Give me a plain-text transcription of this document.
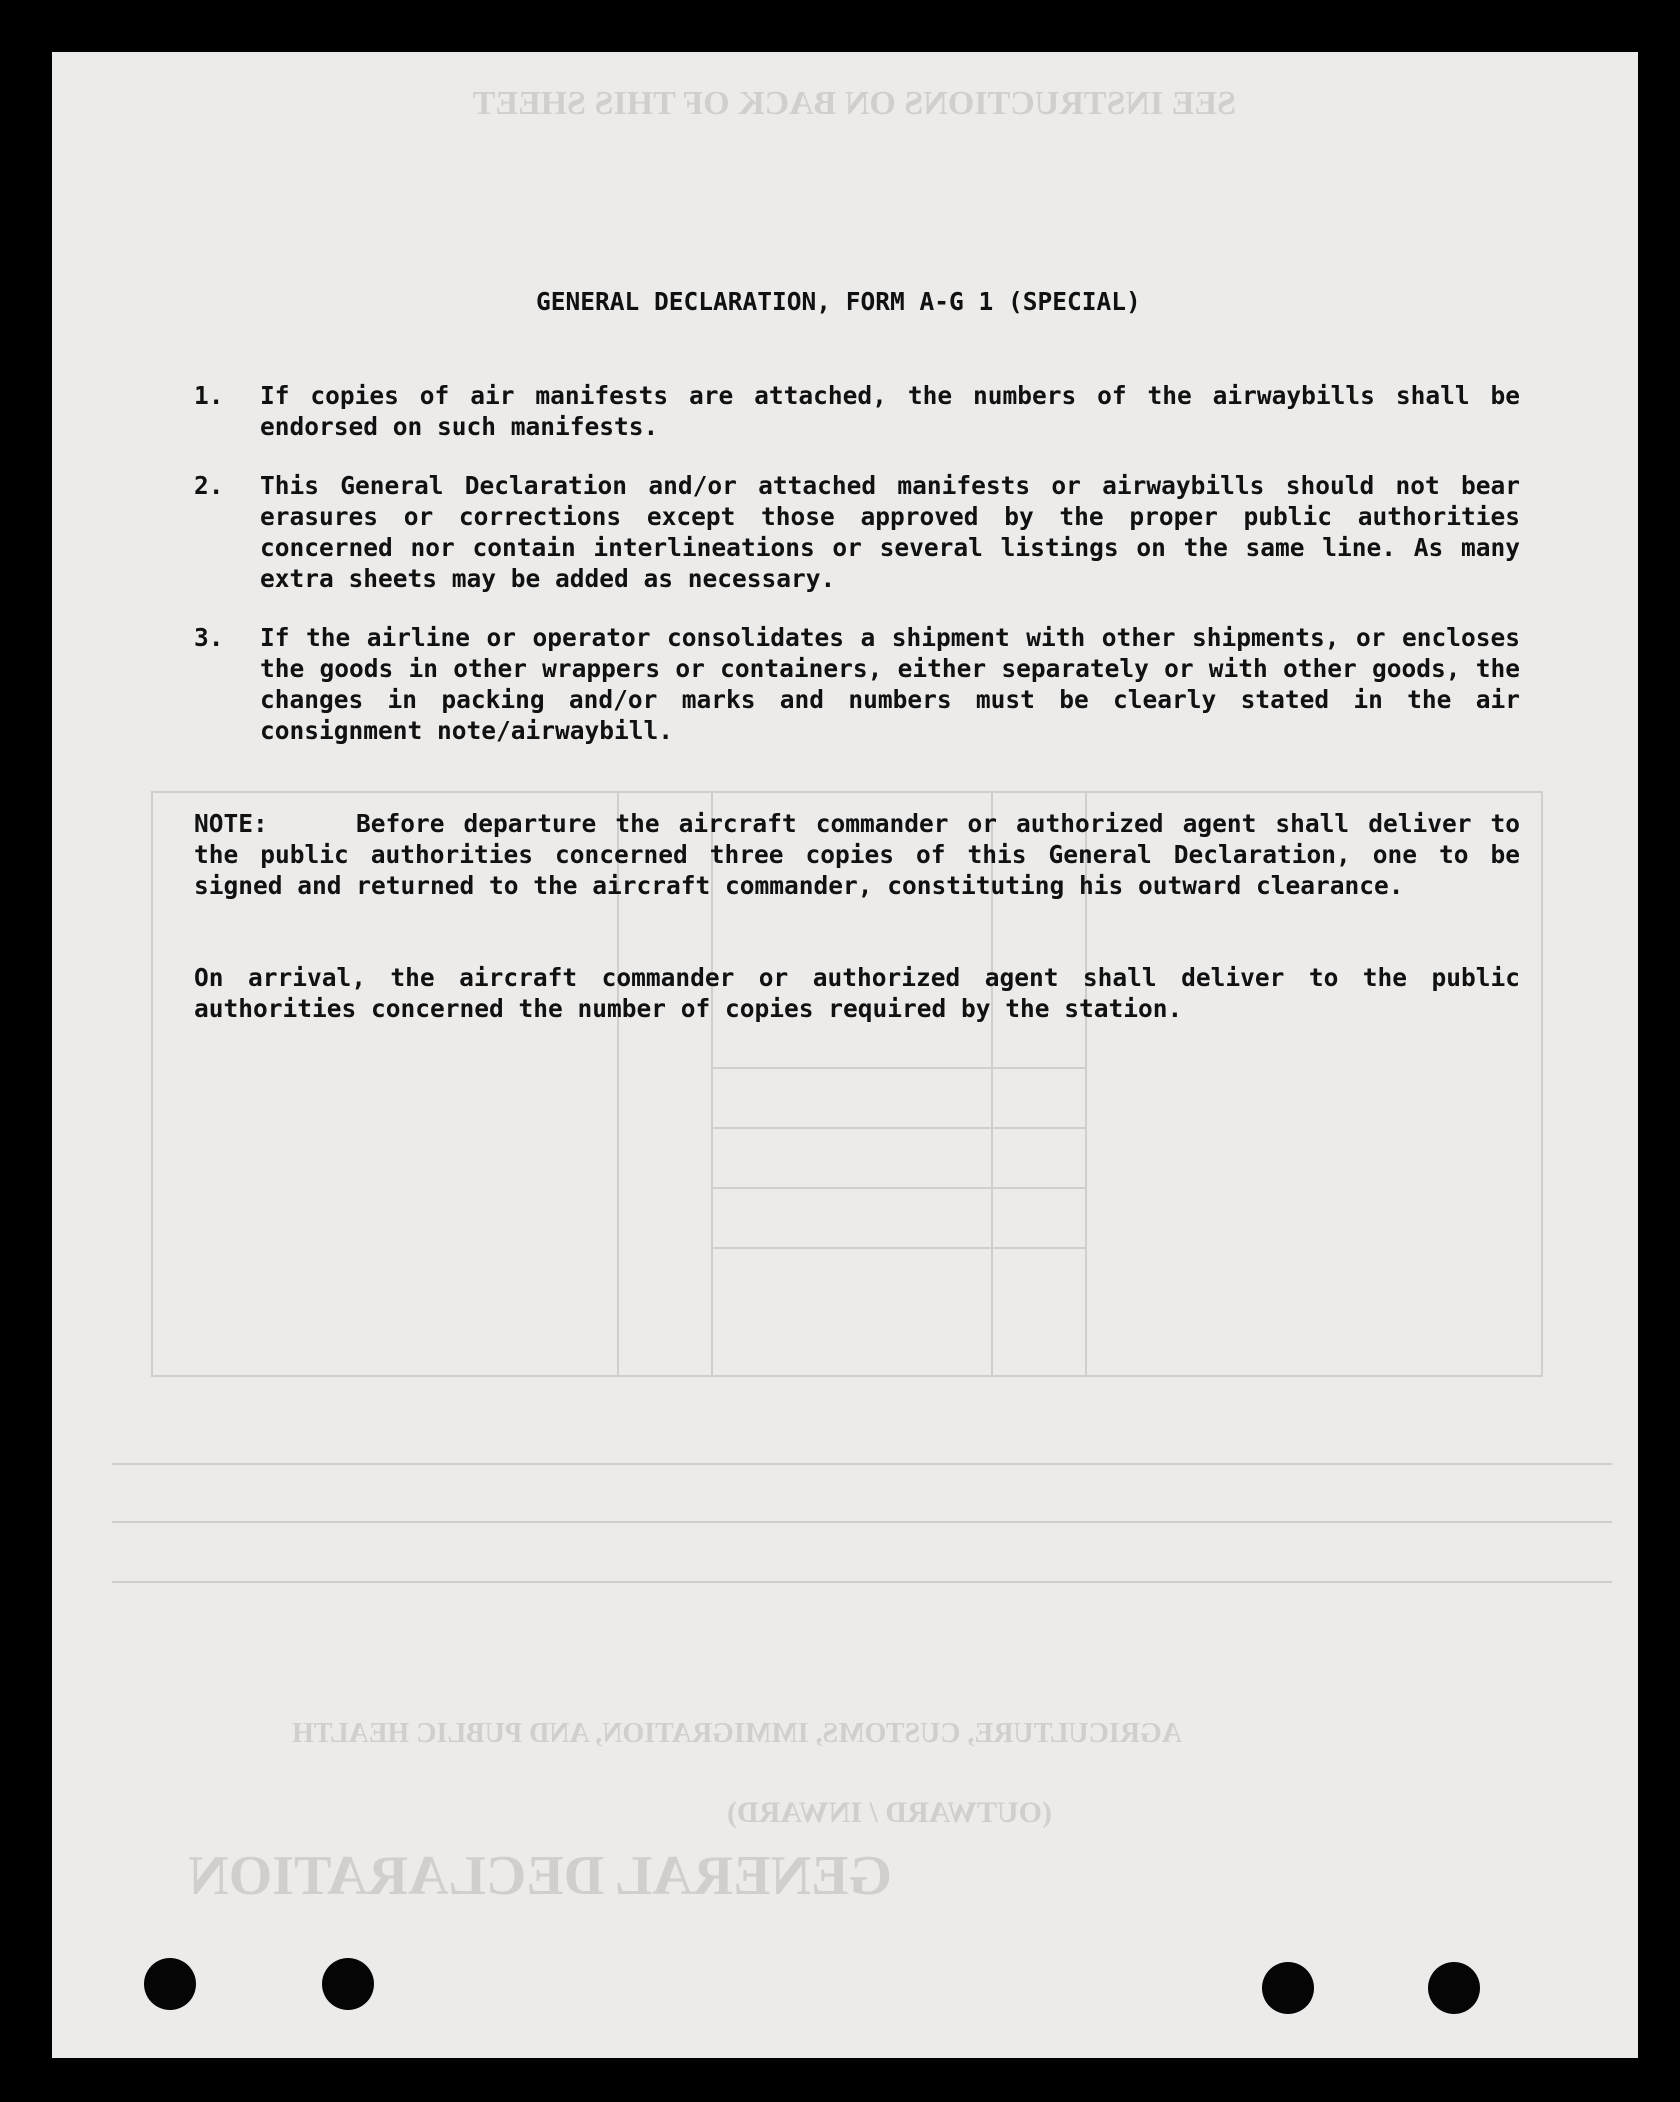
SEE INSTRUCTIONS ON BACK OF THIS SHEET
GENERAL DECLARATION
(OUTWARD / INWARD)
AGRICULTURE, CUSTOMS, IMMIGRATION, AND PUBLIC HEALTH
GENERAL DECLARATION, FORM A-G 1 (SPECIAL)
1.	If copies of air manifests are attached, the numbers of the airwaybills shall be endorsed on such manifests.
2.	This General Declaration and/or attached manifests or airwaybills should not bear erasures or corrections except those approved by the proper public authorities concerned nor contain interlineations or several listings on the same line. As many extra sheets may be added as necessary.
3.	If the airline or operator consolidates a shipment with other shipments, or encloses the goods in other wrappers or containers, either separately or with other goods, the changes in packing and/or marks and numbers must be clearly stated in the air consignment note/airwaybill.
NOTE:	Before departure the aircraft commander or authorized agent shall deliver to the public authorities concerned three copies of this General Declaration, one to be signed and returned to the aircraft commander, constituting his outward clearance.
On arrival, the aircraft commander or authorized agent shall deliver to the public authorities concerned the number of copies required by the station.
